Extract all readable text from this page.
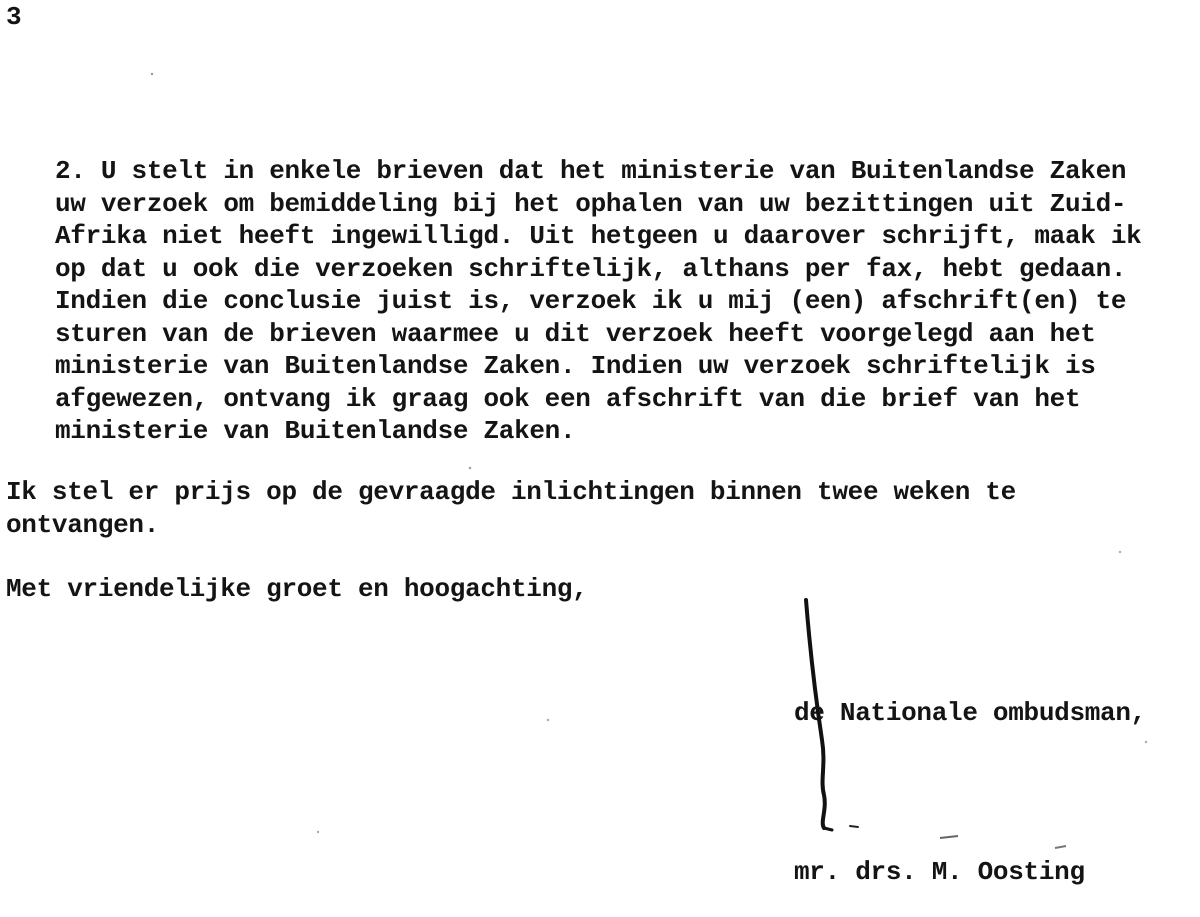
3
2. U stelt in enkele brieven dat het ministerie van Buitenlandse Zaken
uw verzoek om bemiddeling bij het ophalen van uw bezittingen uit Zuid-
Afrika niet heeft ingewilligd. Uit hetgeen u daarover schrijft, maak ik
op dat u ook die verzoeken schriftelijk, althans per fax, hebt gedaan.
Indien die conclusie juist is, verzoek ik u mij (een) afschrift(en) te
sturen van de brieven waarmee u dit verzoek heeft voorgelegd aan het
ministerie van Buitenlandse Zaken. Indien uw verzoek schriftelijk is
afgewezen, ontvang ik graag ook een afschrift van die brief van het
ministerie van Buitenlandse Zaken.
Ik stel er prijs op de gevraagde inlichtingen binnen twee weken te
ontvangen.
Met vriendelijke groet en hoogachting,
de Nationale ombudsman,
mr. drs. M. Oosting
